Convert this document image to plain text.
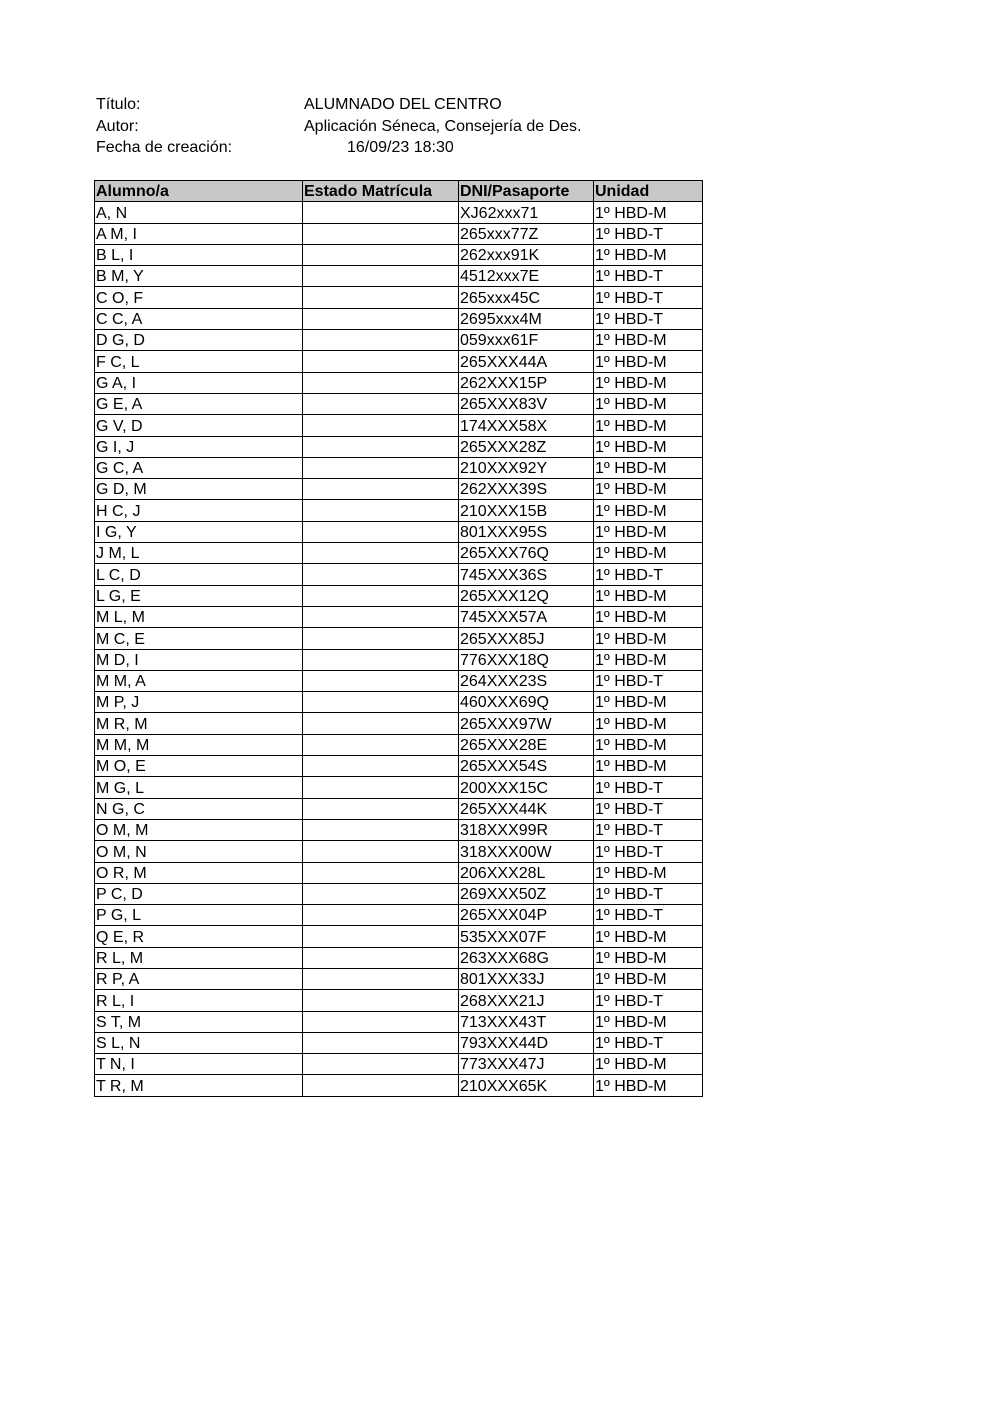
Título:	ALUMNADO DEL CENTRO
Autor:	Aplicación Séneca, Consejería de Des.
Fecha de creación:	16/09/23 18:30
Alumno/a	Estado Matrícula	DNI/Pasaporte	Unidad
A, N		XJ62xxx71	1º HBD-M
A M, I		265xxx77Z	1º HBD-T
B L, I		262xxx91K	1º HBD-M
B M, Y		4512xxx7E	1º HBD-T
C O, F		265xxx45C	1º HBD-T
C C, A		2695xxx4M	1º HBD-T
D G, D		059xxx61F	1º HBD-M
F C, L		265XXX44A	1º HBD-M
G A, I		262XXX15P	1º HBD-M
G E, A		265XXX83V	1º HBD-M
G V, D		174XXX58X	1º HBD-M
G I, J		265XXX28Z	1º HBD-M
G C, A		210XXX92Y	1º HBD-M
G D, M		262XXX39S	1º HBD-M
H C, J		210XXX15B	1º HBD-M
I G, Y		801XXX95S	1º HBD-M
J M, L		265XXX76Q	1º HBD-M
L C, D		745XXX36S	1º HBD-T
L G, E		265XXX12Q	1º HBD-M
M L, M		745XXX57A	1º HBD-M
M C, E		265XXX85J	1º HBD-M
M D, I		776XXX18Q	1º HBD-M
M M, A		264XXX23S	1º HBD-T
M P, J		460XXX69Q	1º HBD-M
M R, M		265XXX97W	1º HBD-M
M M, M		265XXX28E	1º HBD-M
M O, E		265XXX54S	1º HBD-M
M G, L		200XXX15C	1º HBD-T
N G, C		265XXX44K	1º HBD-T
O M, M		318XXX99R	1º HBD-T
O M, N		318XXX00W	1º HBD-T
O R, M		206XXX28L	1º HBD-M
P C, D		269XXX50Z	1º HBD-T
P G, L		265XXX04P	1º HBD-T
Q E, R		535XXX07F	1º HBD-M
R L, M		263XXX68G	1º HBD-M
R P, A		801XXX33J	1º HBD-M
R L, I		268XXX21J	1º HBD-T
S T, M		713XXX43T	1º HBD-M
S L, N		793XXX44D	1º HBD-T
T N, I		773XXX47J	1º HBD-M
T R, M		210XXX65K	1º HBD-M
